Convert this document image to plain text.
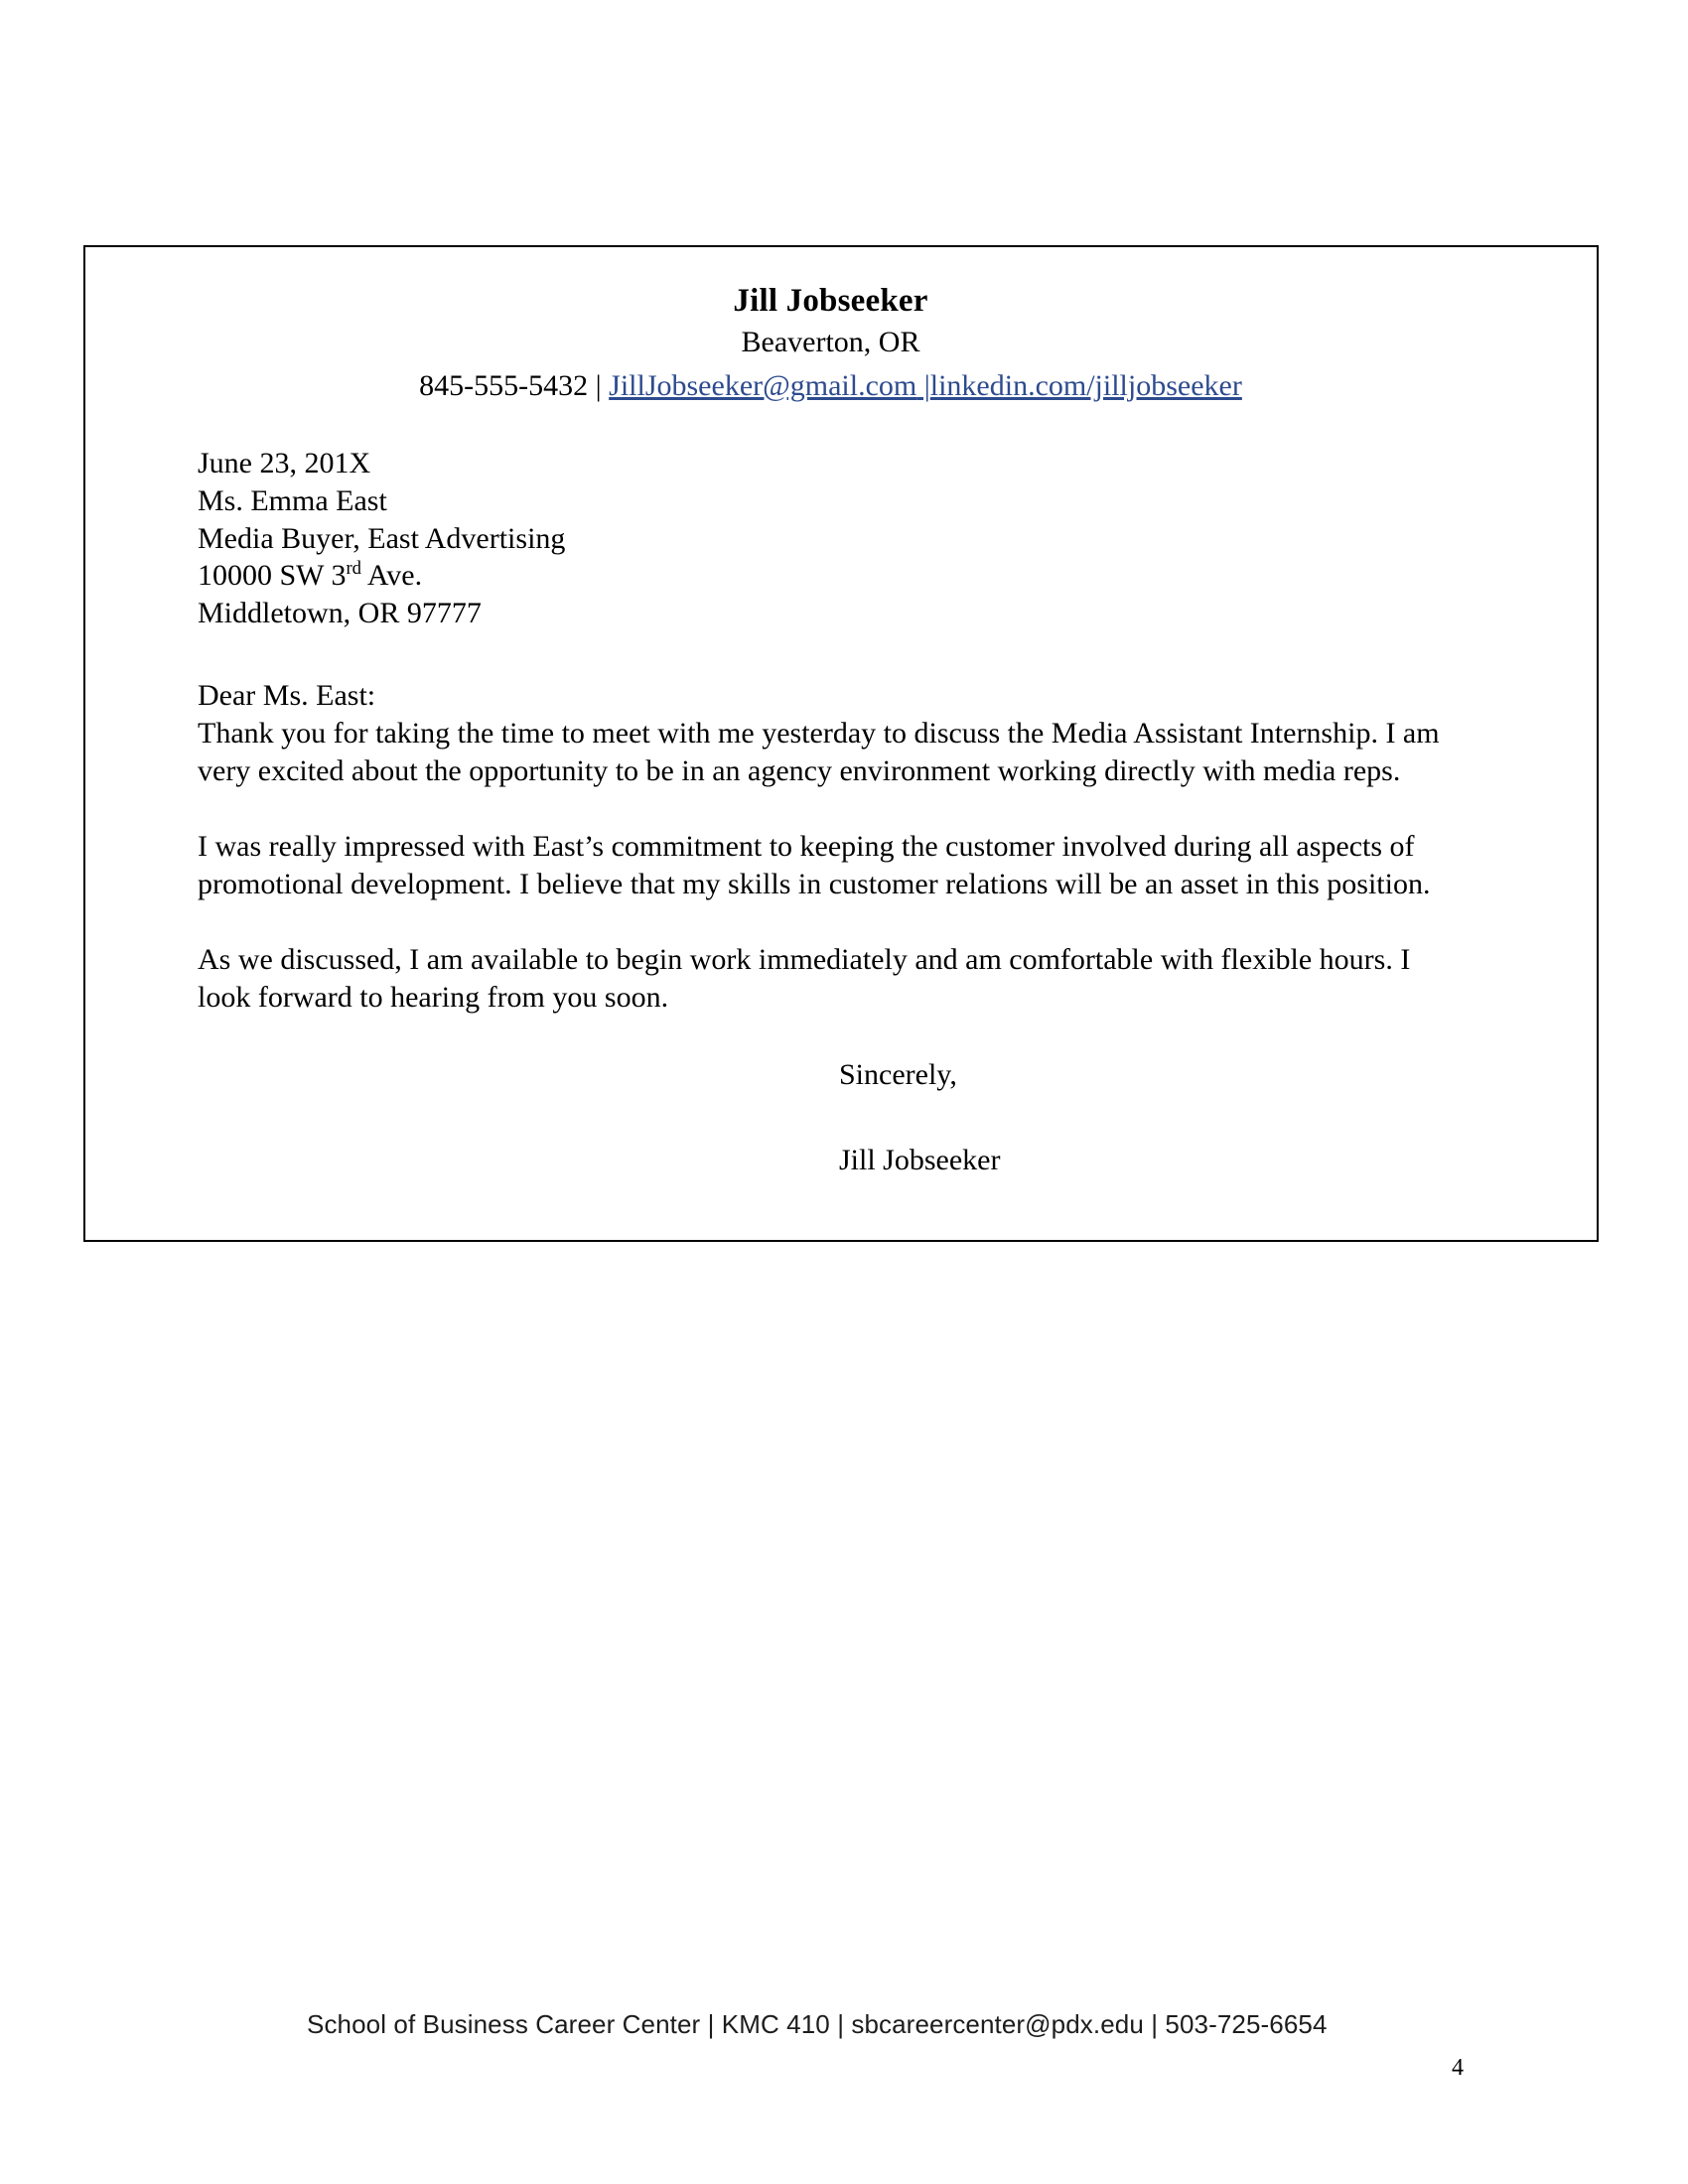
Jill Jobseeker
Beaverton, OR
845-555-5432 | JillJobseeker@gmail.com |linkedin.com/jilljobseeker
June 23, 201X
Ms. Emma East
Media Buyer, East Advertising
10000 SW 3rd Ave.
Middletown, OR 97777
Dear Ms. East:
Thank you for taking the time to meet with me yesterday to discuss the Media Assistant Internship. I am very excited about the opportunity to be in an agency environment working directly with media reps.
I was really impressed with East’s commitment to keeping the customer involved during all aspects of promotional development. I believe that my skills in customer relations will be an asset in this position.
As we discussed, I am available to begin work immediately and am comfortable with flexible hours. I look forward to hearing from you soon.
Sincerely,
Jill Jobseeker
School of Business Career Center | KMC 410 | sbcareercenter@pdx.edu | 503-725-6654
4
